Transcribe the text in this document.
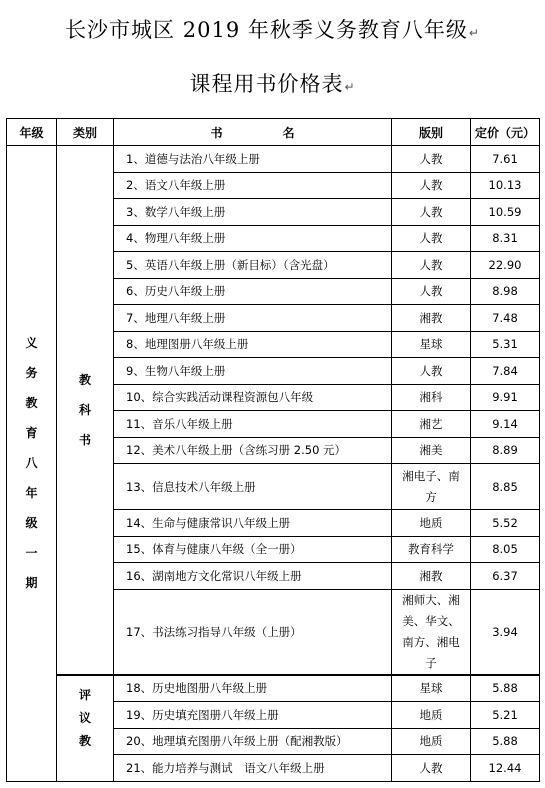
长沙市城区 2019 年秋季义务教育八年级↵
课程用书价格表↵
年级	类别	书　　　　　名	版别	定价（元）
义务教育八年级一期	教科书	1、道德与法治八年级上册	人教	7.61
		2、语文八年级上册	人教	10.13
		3、数学八年级上册	人教	10.59
		4、物理八年级上册	人教	8.31
		5、英语八年级上册（新目标）（含光盘）	人教	22.90
		6、历史八年级上册	人教	8.98
		7、地理八年级上册	湘教	7.48
		8、地理图册八年级上册	星球	5.31
		9、生物八年级上册	人教	7.84
		10、综合实践活动课程资源包八年级	湘科	9.91
		11、音乐八年级上册	湘艺	9.14
		12、美术八年级上册（含练习册 2.50 元）	湘美	8.89
		13、信息技术八年级上册	湘电子、南方	8.85
		14、生命与健康常识八年级上册	地质	5.52
		15、体育与健康八年级（全一册）	教育科学	8.05
		16、湖南地方文化常识八年级上册	湘教	6.37
		17、书法练习指导八年级（上册）	湘师大、湘美、华文、南方、湘电子	3.94
	评议教	18、历史地图册八年级上册	星球	5.88
		19、历史填充图册八年级上册	地质	5.21
		20、地理填充图册八年级上册（配湘教版）	地质	5.88
		21、能力培养与测试　语文八年级上册	人教	12.44
